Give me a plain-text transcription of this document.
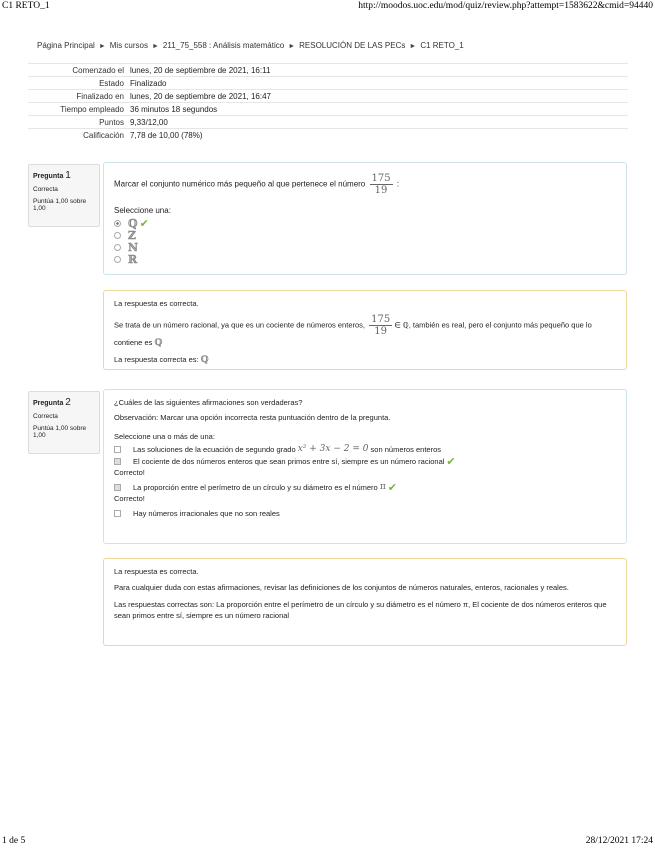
C1 RETO_1	http://moodos.uoc.edu/mod/quiz/review.php?attempt=1583622&cmid=94440
Página Principal ► Mis cursos ► 211_75_558 : Análisis matemático ► RESOLUCIÓN DE LAS PECs ► C1 RETO_1
Comenzado el	lunes, 20 de septiembre de 2021, 16:11
Estado	Finalizado
Finalizado en	lunes, 20 de septiembre de 2021, 16:47
Tiempo empleado	36 minutos 18 segundos
Puntos	9,33/12,00
Calificación	7,78 de 10,00 (78%)
Pregunta 1
Correcta
Puntúa 1,00 sobre 1,00

Marcar el conjunto numérico más pequeño al que pertenece el número $\frac{175}{19}$ :

Seleccione una:

ℚ ✔
ℤ
ℕ
ℝ

La respuesta es correcta.

Se trata de un número racional, ya que es un cociente de números enteros, $\frac{175}{19}$ ∈ ℚ, también es real, pero el conjunto más pequeño que lo contiene es ℚ

La respuesta correcta es: ℚ

Pregunta 2
Correcta
Puntúa 1,00 sobre 1,00

¿Cuáles de las siguientes afirmaciones son verdaderas?

Observación: Marcar una opción incorrecta resta puntuación dentro de la pregunta.

Seleccione una o más de una:

Las soluciones de la ecuación de segundo grado
x² + 3x − 2 = 0
son números enteros
El cociente de dos números enteros que sean primos entre sí, siempre es un número racional ✔
Correcto!
La proporción entre el perímetro de un círculo y su diámetro es el número
π ✔
Correcto!
Hay números irracionales que no son reales

La respuesta es correcta.

Para cualquier duda con estas afirmaciones, revisar las definiciones de los conjuntos de números naturales, enteros, racionales y reales.

Las respuestas correctas son: La proporción entre el perímetro de un círculo y su diámetro es el número π, El cociente de dos números enteros que sean primos entre sí, siempre es un número racional

1 de 5	28/12/2021 17:24
